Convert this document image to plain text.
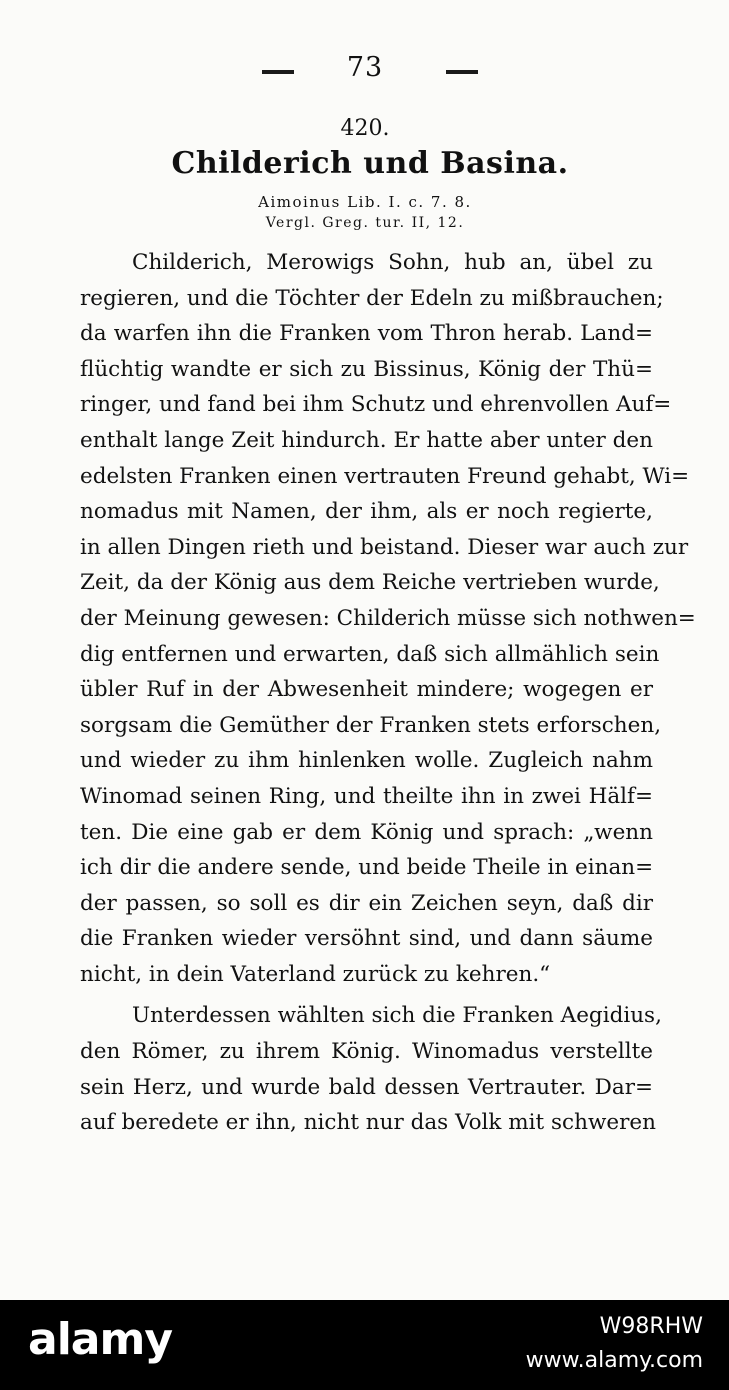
73
420.
Childerich und Basina.
Aimoinus Lib. I. c. 7. 8.
Vergl. Greg. tur. II, 12.
Childerich, Merowigs Sohn, hub an, übel zu
regieren, und die Töchter der Edeln zu mißbrauchen;
da warfen ihn die Franken vom Thron herab. Land=
flüchtig wandte er sich zu Bissinus, König der Thü=
ringer, und fand bei ihm Schutz und ehrenvollen Auf=
enthalt lange Zeit hindurch. Er hatte aber unter den
edelsten Franken einen vertrauten Freund gehabt, Wi=
nomadus mit Namen, der ihm, als er noch regierte,
in allen Dingen rieth und beistand. Dieser war auch zur
Zeit, da der König aus dem Reiche vertrieben wurde,
der Meinung gewesen: Childerich müsse sich nothwen=
dig entfernen und erwarten, daß sich allmählich sein
übler Ruf in der Abwesenheit mindere; wogegen er
sorgsam die Gemüther der Franken stets erforschen,
und wieder zu ihm hinlenken wolle. Zugleich nahm
Winomad seinen Ring, und theilte ihn in zwei Hälf=
ten. Die eine gab er dem König und sprach: „wenn
ich dir die andere sende, und beide Theile in einan=
der passen, so soll es dir ein Zeichen seyn, daß dir
die Franken wieder versöhnt sind, und dann säume
nicht, in dein Vaterland zurück zu kehren.“
Unterdessen wählten sich die Franken Aegidius,
den Römer, zu ihrem König. Winomadus verstellte
sein Herz, und wurde bald dessen Vertrauter. Dar=
auf beredete er ihn, nicht nur das Volk mit schweren
alamy	W98RHW
www.alamy.com
